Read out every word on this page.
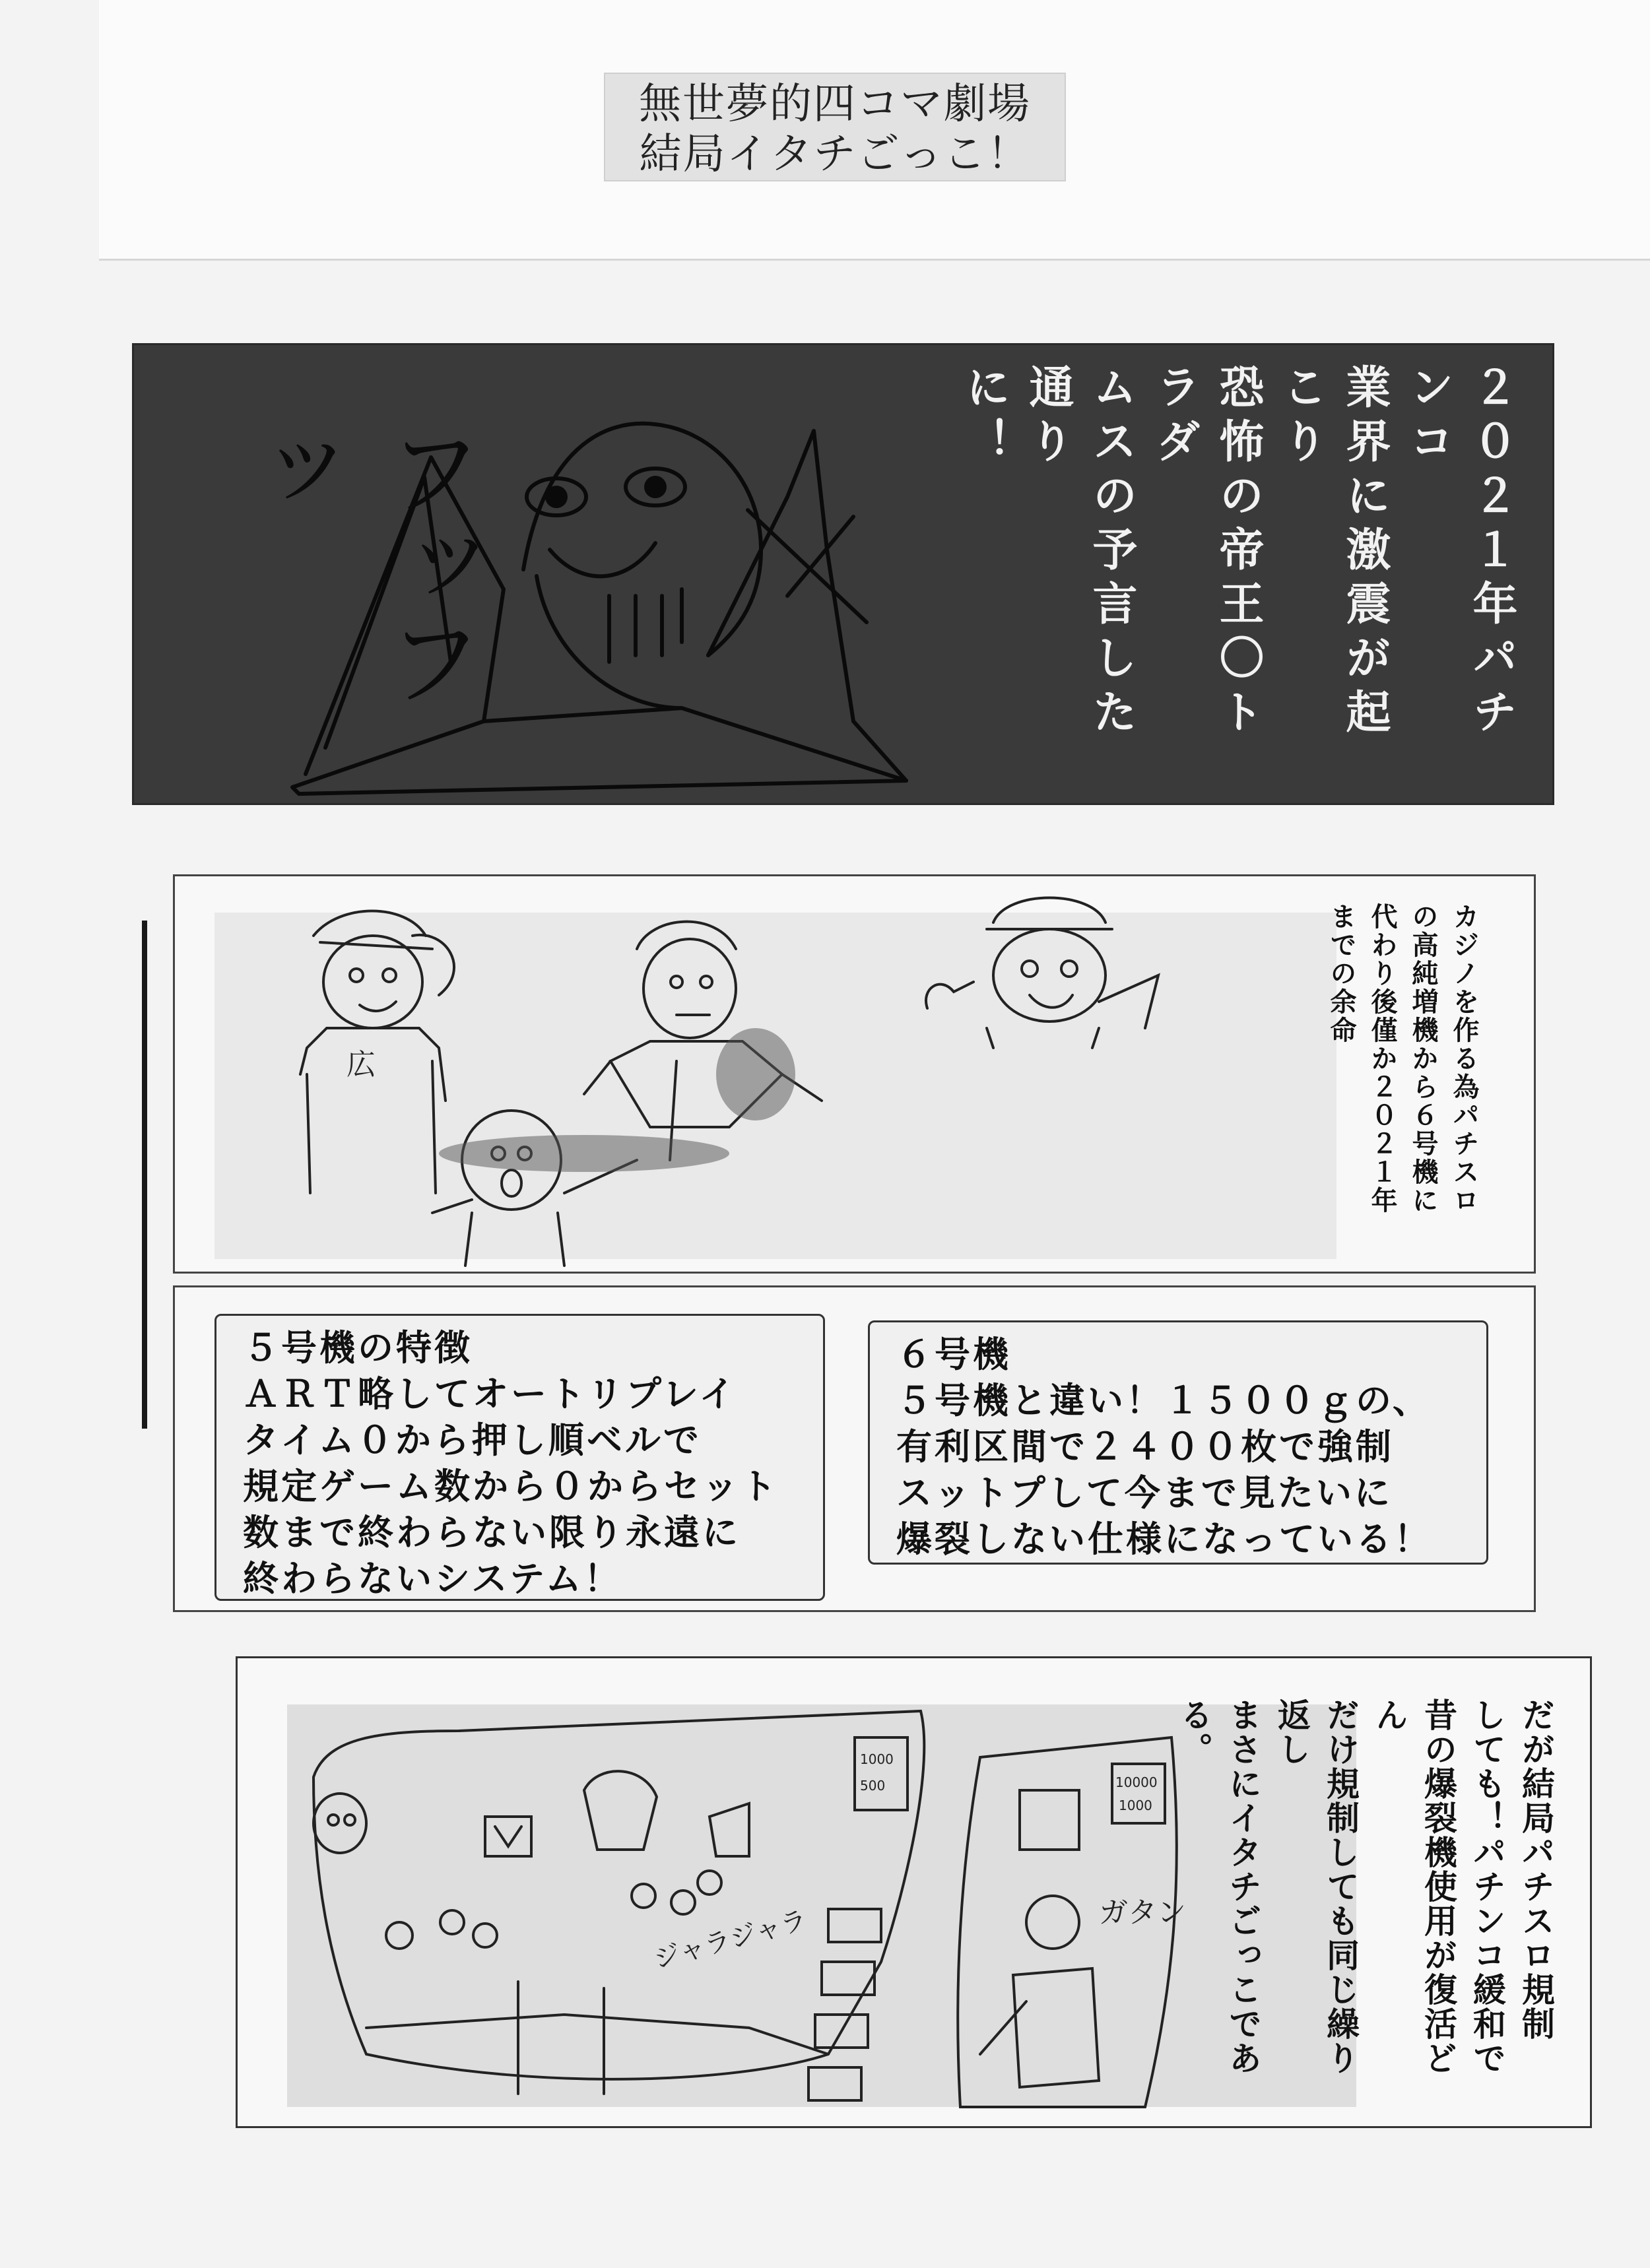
無世夢的四コマ劇場
結局イタチごっこ！
フッフッ	２０２１年パチンコ
業界に激震が起こり
恐怖の帝王〇トラダ
ムスの予言した通り
に！
広	カジノを作る為パチスロ
の高純増機から６号機に
代わり後僅か２０２１年
までの余命
５号機の特徴
ＡＲＴ略してオートリプレイ
タイム０から押し順ベルで
規定ゲーム数から０からセット
数まで終わらない限り永遠に
終わらないシステム！
６号機
５号機と違い！１５００ｇの、
有利区間で２４００枚で強制
スットプして今まで見たいに
爆裂しない仕様になっている！
1000
500	10000
1000
ジャラジャラ	ガタン	だが結局パチスロ規制
しても！パチンコ緩和で
昔の爆裂機使用が復活どん
だけ規制しても同じ繰り返し
まさにイタチごっこである。
